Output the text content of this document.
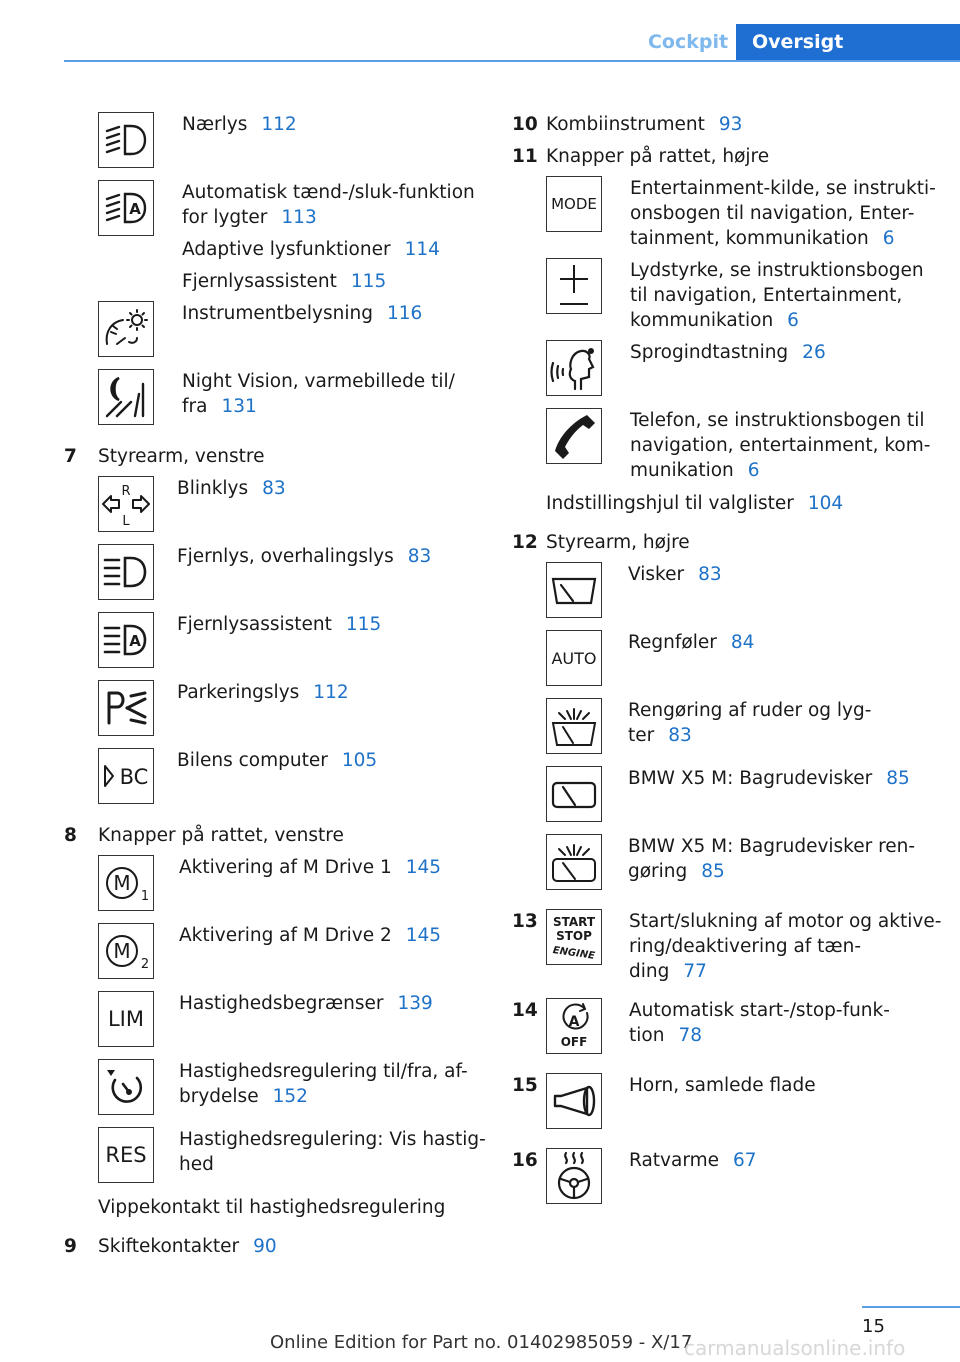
Cockpit	Oversigt
Nærlys 112
A
Automatisk tænd-/sluk-funktion
for lygter 113
Adaptive lysfunktioner 114
Fjernlysassistent 115
Instrumentbelysning 116
Night Vision, varmebillede til/
fra 131
7 Styrearm, venstre
R
L
Blinklys 83
Fjernlys, overhalingslys 83
A
Fjernlysassistent 115
Parkeringslys 112
BC
Bilens computer 105
8 Knapper på rattet, venstre
M
1
Aktivering af M Drive 1 145
M
2
Aktivering af M Drive 2 145
LIM
Hastighedsbegrænser 139
Hastighedsregulering til/fra, af-
brydelse 152
RES
Hastighedsregulering: Vis hastig-
hed
Vippekontakt til hastighedsregulering
9 Skiftekontakter 90
10 Kombiinstrument 93
11 Knapper på rattet, højre
MODE
Entertainment-kilde, se instrukti-
onsbogen til navigation, Enter-
tainment, kommunikation 6
Lydstyrke, se instruktionsbogen
til navigation, Entertainment,
kommunikation 6
Sprogindtastning 26
Telefon, se instruktionsbogen til
navigation, entertainment, kom-
munikation 6
Indstillingshjul til valglister 104
12 Styrearm, højre
Visker 83
AUTO
Regnføler 84
Rengøring af ruder og lyg-
ter 83
BMW X5 M: Bagrudevisker 85
BMW X5 M: Bagrudevisker ren-
gøring 85
13 START
STOP
ENGINE
Start/slukning af motor og aktive-
ring/deaktivering af tæn-
ding 77
14
A
OFF
Automatisk start-/stop-funk-
tion 78
15	Horn, samlede flade
16	Ratvarme 67
15
Online Edition for Part no. 01402985059 - X/17
carmanualsonline.info
